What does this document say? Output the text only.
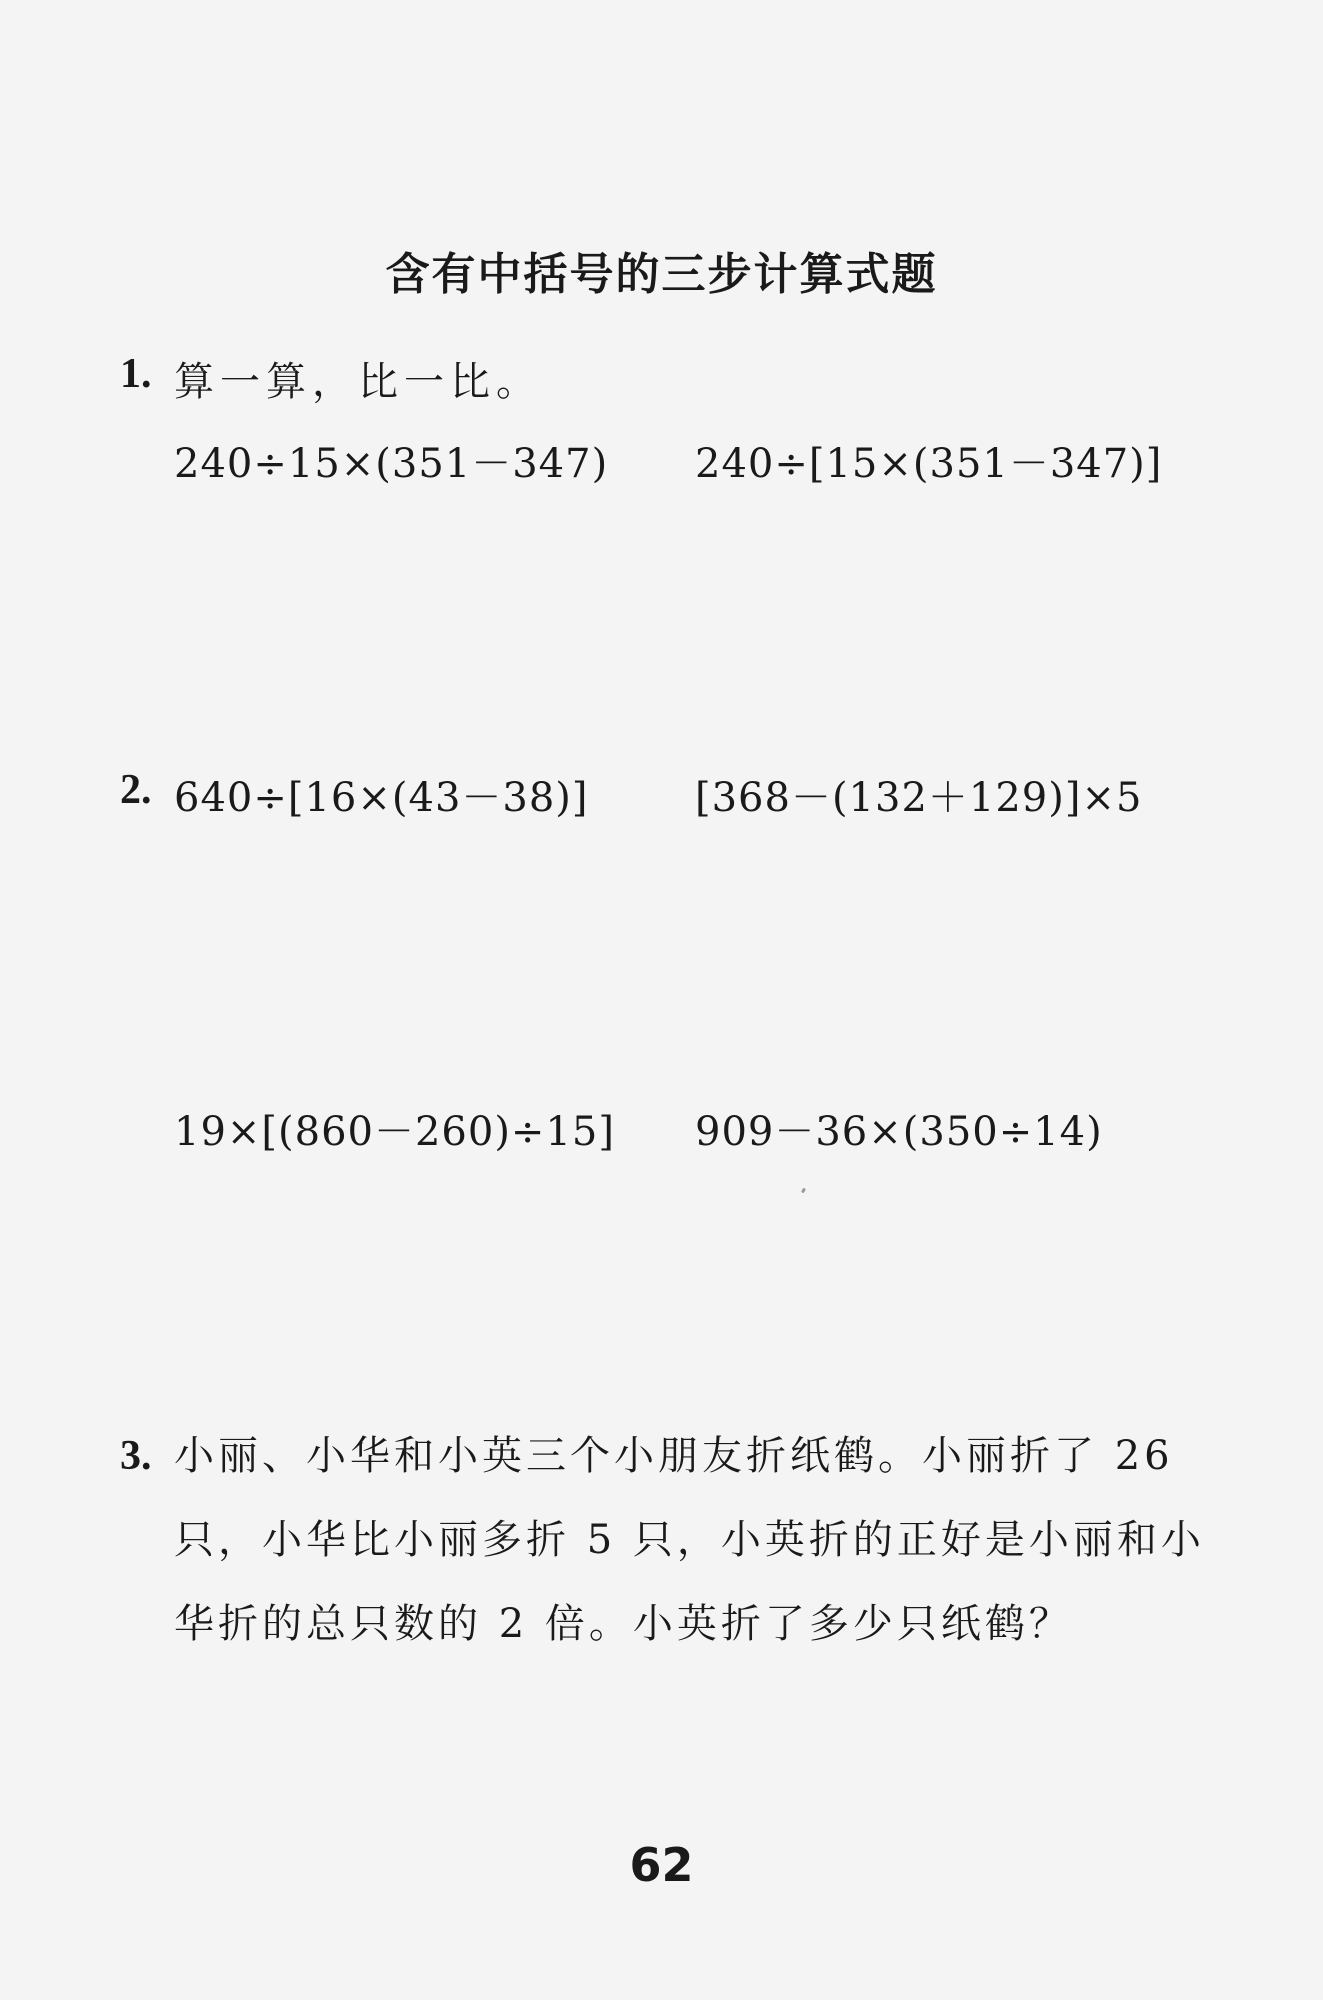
含有中括号的三步计算式题
1. 算一算，比一比。
240÷15×(351－347) 240÷[15×(351－347)]
2. 640÷[16×(43－38)]	[368－(132＋129)]×5
19×[(860－260)÷15] 909－36×(350÷14)
3. 小丽、小华和小英三个小朋友折纸鹤。小丽折了 26
只，小华比小丽多折 5 只，小英折的正好是小丽和小
华折的总只数的 2 倍。小英折了多少只纸鹤？
62
